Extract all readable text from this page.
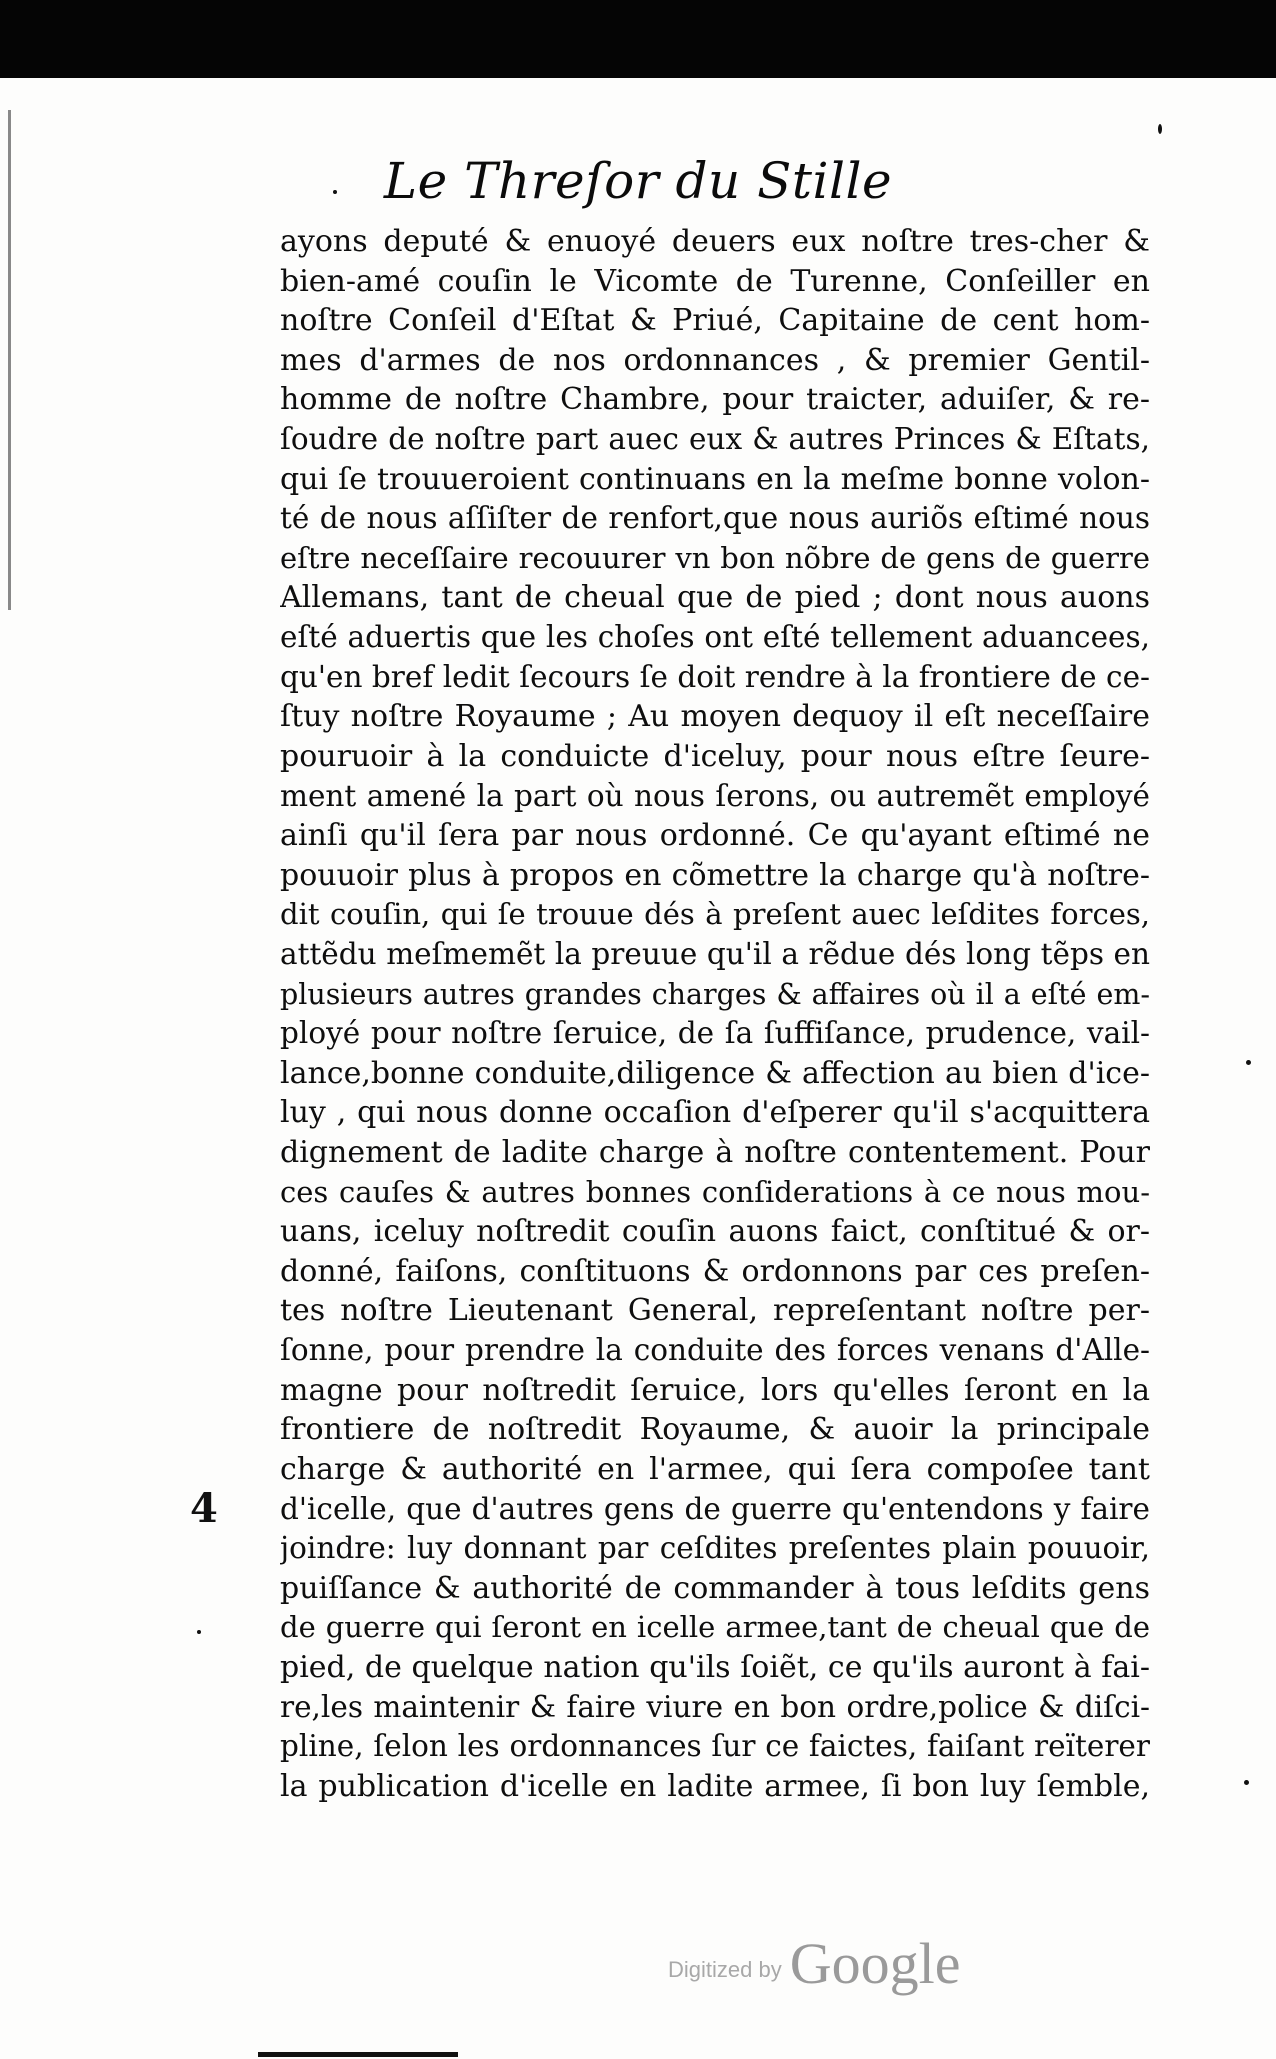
Le Threſor du Stille
ayons deputé & enuoyé deuers eux noſtre tres-cher &
bien-amé couſin le Vicomte de Turenne, Conſeiller en
noſtre Conſeil d'Eſtat & Priué, Capitaine de cent hom-
mes d'armes de nos ordonnances , & premier Gentil-
homme de noſtre Chambre, pour traicter, aduiſer, & re-
ſoudre de noſtre part auec eux & autres Princes & Eſtats,
qui ſe trouueroient continuans en la meſme bonne volon-
té de nous aſſiſter de renfort,que nous auriõs eſtimé nous
eſtre neceſſaire recouurer vn bon nõbre de gens de guerre
Allemans, tant de cheual que de pied ; dont nous auons
eſté aduertis que les choſes ont eſté tellement aduancees,
qu'en bref ledit ſecours ſe doit rendre à la frontiere de ce-
ſtuy noſtre Royaume ; Au moyen dequoy il eſt neceſſaire
pouruoir à la conduicte d'iceluy, pour nous eſtre ſeure-
ment amené la part où nous ſerons, ou autremẽt employé
ainſi qu'il ſera par nous ordonné. Ce qu'ayant eſtimé ne
pouuoir plus à propos en cõmettre la charge qu'à noſtre-
dit couſin, qui ſe trouue dés à preſent auec leſdites forces,
attẽdu meſmemẽt la preuue qu'il a rẽdue dés long tẽps en
plusieurs autres grandes charges & affaires où il a eſté em-
ployé pour noſtre ſeruice, de ſa ſuffiſance, prudence, vail-
lance,bonne conduite,diligence & affection au bien d'ice-
luy , qui nous donne occaſion d'eſperer qu'il s'acquittera
dignement de ladite charge à noſtre contentement. Pour
ces cauſes & autres bonnes conſiderations à ce nous mou-
uans, iceluy noſtredit couſin auons faict, conſtitué & or-
donné, faiſons, conſtituons & ordonnons par ces preſen-
tes noſtre Lieutenant General, repreſentant noſtre per-
ſonne, pour prendre la conduite des forces venans d'Alle-
magne pour noſtredit ſeruice, lors qu'elles ſeront en la
frontiere de noſtredit Royaume, & auoir la principale
charge & authorité en l'armee, qui ſera compoſee tant
d'icelle, que d'autres gens de guerre qu'entendons y faire
joindre: luy donnant par ceſdites preſentes plain pouuoir,
puiſſance & authorité de commander à tous leſdits gens
de guerre qui ſeront en icelle armee,tant de cheual que de
pied, de quelque nation qu'ils ſoiẽt, ce qu'ils auront à fai-
re,les maintenir & faire viure en bon ordre,police & diſci-
pline, ſelon les ordonnances ſur ce faictes, faiſant reïterer
la publication d'icelle en ladite armee, ſi bon luy ſemble,
4
Digitized by Google
